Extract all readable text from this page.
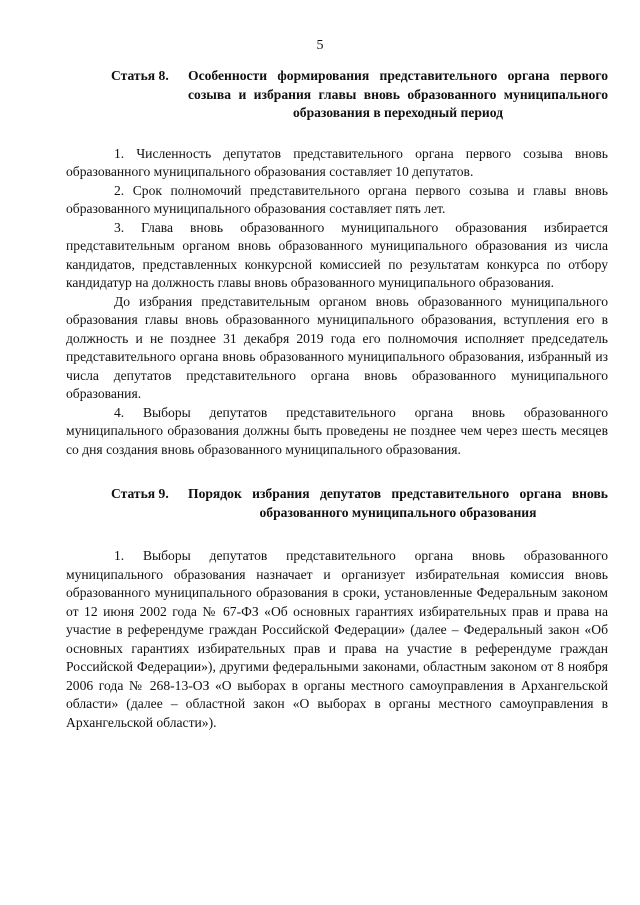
5
Статья 8. Особенности формирования представительного органа первого созыва и избрания главы вновь образованного муниципального образования в переходный период

1. Численность депутатов представительного органа первого созыва вновь образованного муниципального образования составляет 10 депутатов.

2. Срок полномочий представительного органа первого созыва и главы вновь образованного муниципального образования составляет пять лет.

3. Глава вновь образованного муниципального образования избирается представительным органом вновь образованного муниципального образования из числа кандидатов, представленных конкурсной комиссией по результатам конкурса по отбору кандидатур на должность главы вновь образованного муниципального образования.

До избрания представительным органом вновь образованного муниципального образования главы вновь образованного муниципального образования, вступления его в должность и не позднее 31 декабря 2019 года его полномочия исполняет председатель представительного органа вновь образованного муниципального образования, избранный из числа депутатов представительного органа вновь образованного муниципального образования.

4. Выборы депутатов представительного органа вновь образованного муниципального образования должны быть проведены не позднее чем через шесть месяцев со дня создания вновь образованного муниципального образования.

Статья 9. Порядок избрания депутатов представительного органа вновь образованного муниципального образования

1. Выборы депутатов представительного органа вновь образованного муниципального образования назначает и организует избирательная комиссия вновь образованного муниципального образования в сроки, установленные Федеральным законом от 12 июня 2002 года № 67-ФЗ «Об основных гарантиях избирательных прав и права на участие в референдуме граждан Российской Федерации» (далее – Федеральный закон «Об основных гарантиях избирательных прав и права на участие в референдуме граждан Российской Федерации»), другими федеральными законами, областным законом от 8 ноября 2006 года № 268-13-ОЗ «О выборах в органы местного самоуправления в Архангельской области» (далее – областной закон «О выборах в органы местного самоуправления в Архангельской области»).
